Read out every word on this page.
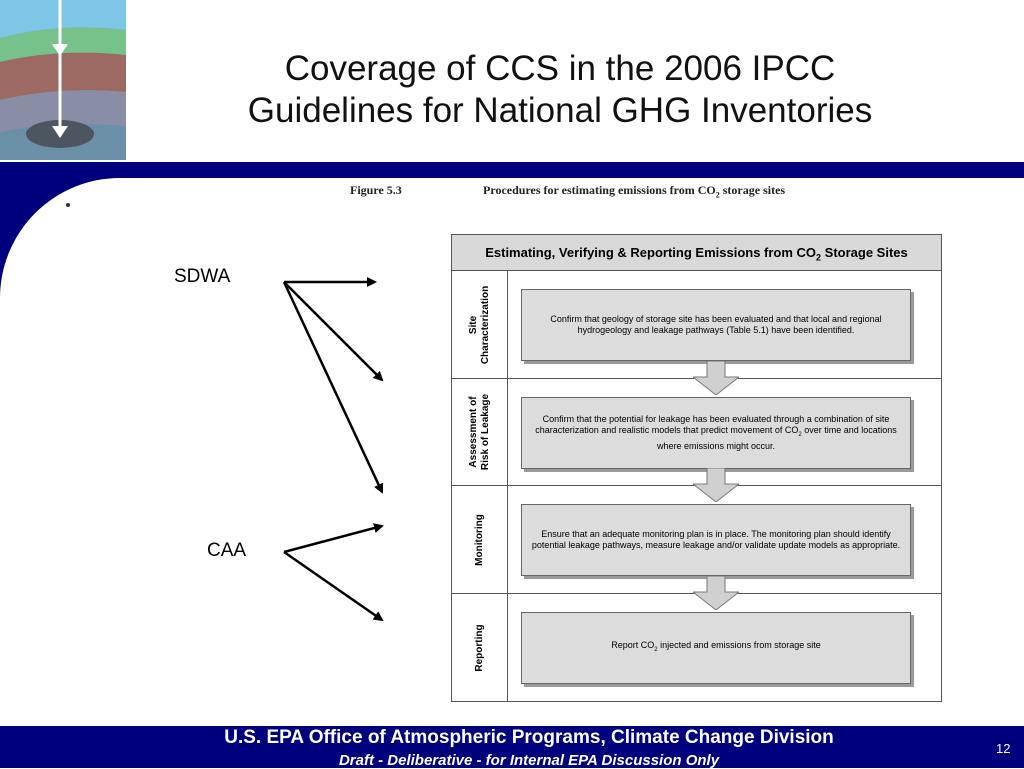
Coverage of CCS in the 2006 IPCC
Guidelines for National GHG Inventories
SDWA
CAA
Figure 5.3	Procedures for estimating emissions from $CO_2$ storage sites
Estimating, Verifying & Reporting Emissions from $CO_2$ Storage Sites
Site Characterization	Confirm that geology of storage site has been evaluated and that local and regional hydrogeology and leakage pathways (Table 5.1) have been identified.
Assessment of Risk of Leakage	Confirm that the potential for leakage has been evaluated through a combination of site characterization and realistic models that predict movement of $CO_2$ over time and locations where emissions might occur.
Monitoring	Ensure that an adequate monitoring plan is in place. The monitoring plan should identify potential leakage pathways, measure leakage and/or validate update models as appropriate.
Reporting	Report $CO_2$ injected and emissions from storage site
U.S. EPA Office of Atmospheric Programs, Climate Change Division
Draft - Deliberative - for Internal EPA Discussion Only
12
